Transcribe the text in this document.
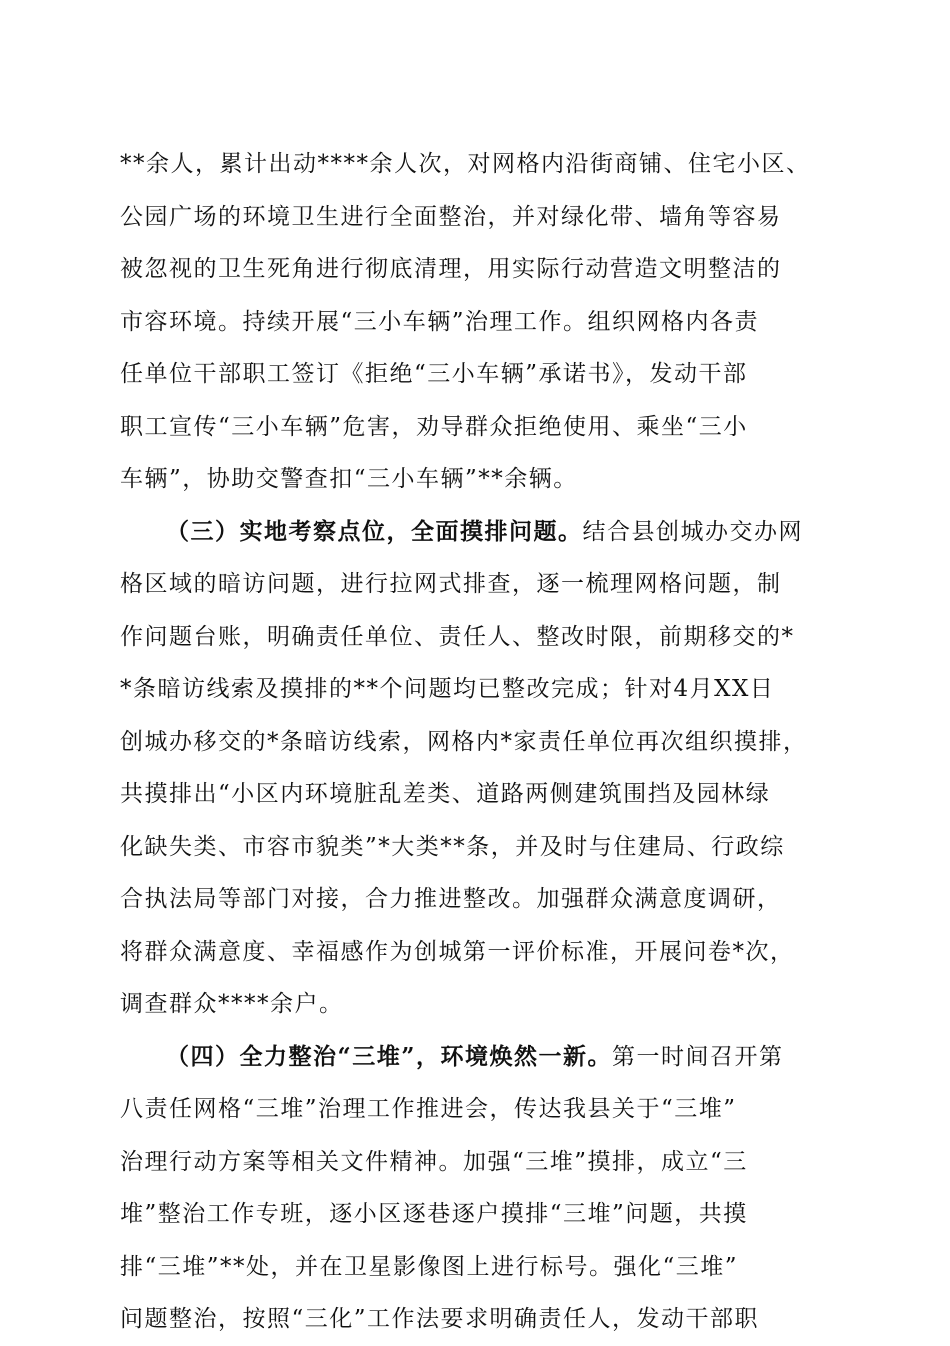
**余人，累计出动****余人次，对网格内沿街商铺、住宅小区、
公园广场的环境卫生进行全面整治，并对绿化带、墙角等容易
被忽视的卫生死角进行彻底清理，用实际行动营造文明整洁的
市容环境。持续开展“三小车辆”治理工作。组织网格内各责
任单位干部职工签订《拒绝“三小车辆”承诺书》，发动干部
职工宣传“三小车辆”危害，劝导群众拒绝使用、乘坐“三小
车辆”，协助交警查扣“三小车辆”**余辆。
（三）实地考察点位，全面摸排问题。结合县创城办交办网
格区域的暗访问题，进行拉网式排查，逐一梳理网格问题，制
作问题台账，明确责任单位、责任人、整改时限，前期移交的*
*条暗访线索及摸排的**个问题均已整改完成；针对4月XX日
创城办移交的*条暗访线索，网格内*家责任单位再次组织摸排，
共摸排出“小区内环境脏乱差类、道路两侧建筑围挡及园林绿
化缺失类、市容市貌类”*大类**条，并及时与住建局、行政综
合执法局等部门对接，合力推进整改。加强群众满意度调研，
将群众满意度、幸福感作为创城第一评价标准，开展问卷*次，
调查群众****余户。
（四）全力整治“三堆”，环境焕然一新。第一时间召开第
八责任网格“三堆”治理工作推进会，传达我县关于“三堆”
治理行动方案等相关文件精神。加强“三堆”摸排，成立“三
堆”整治工作专班，逐小区逐巷逐户摸排“三堆”问题，共摸
排“三堆”**处，并在卫星影像图上进行标号。强化“三堆”
问题整治，按照“三化”工作法要求明确责任人，发动干部职
